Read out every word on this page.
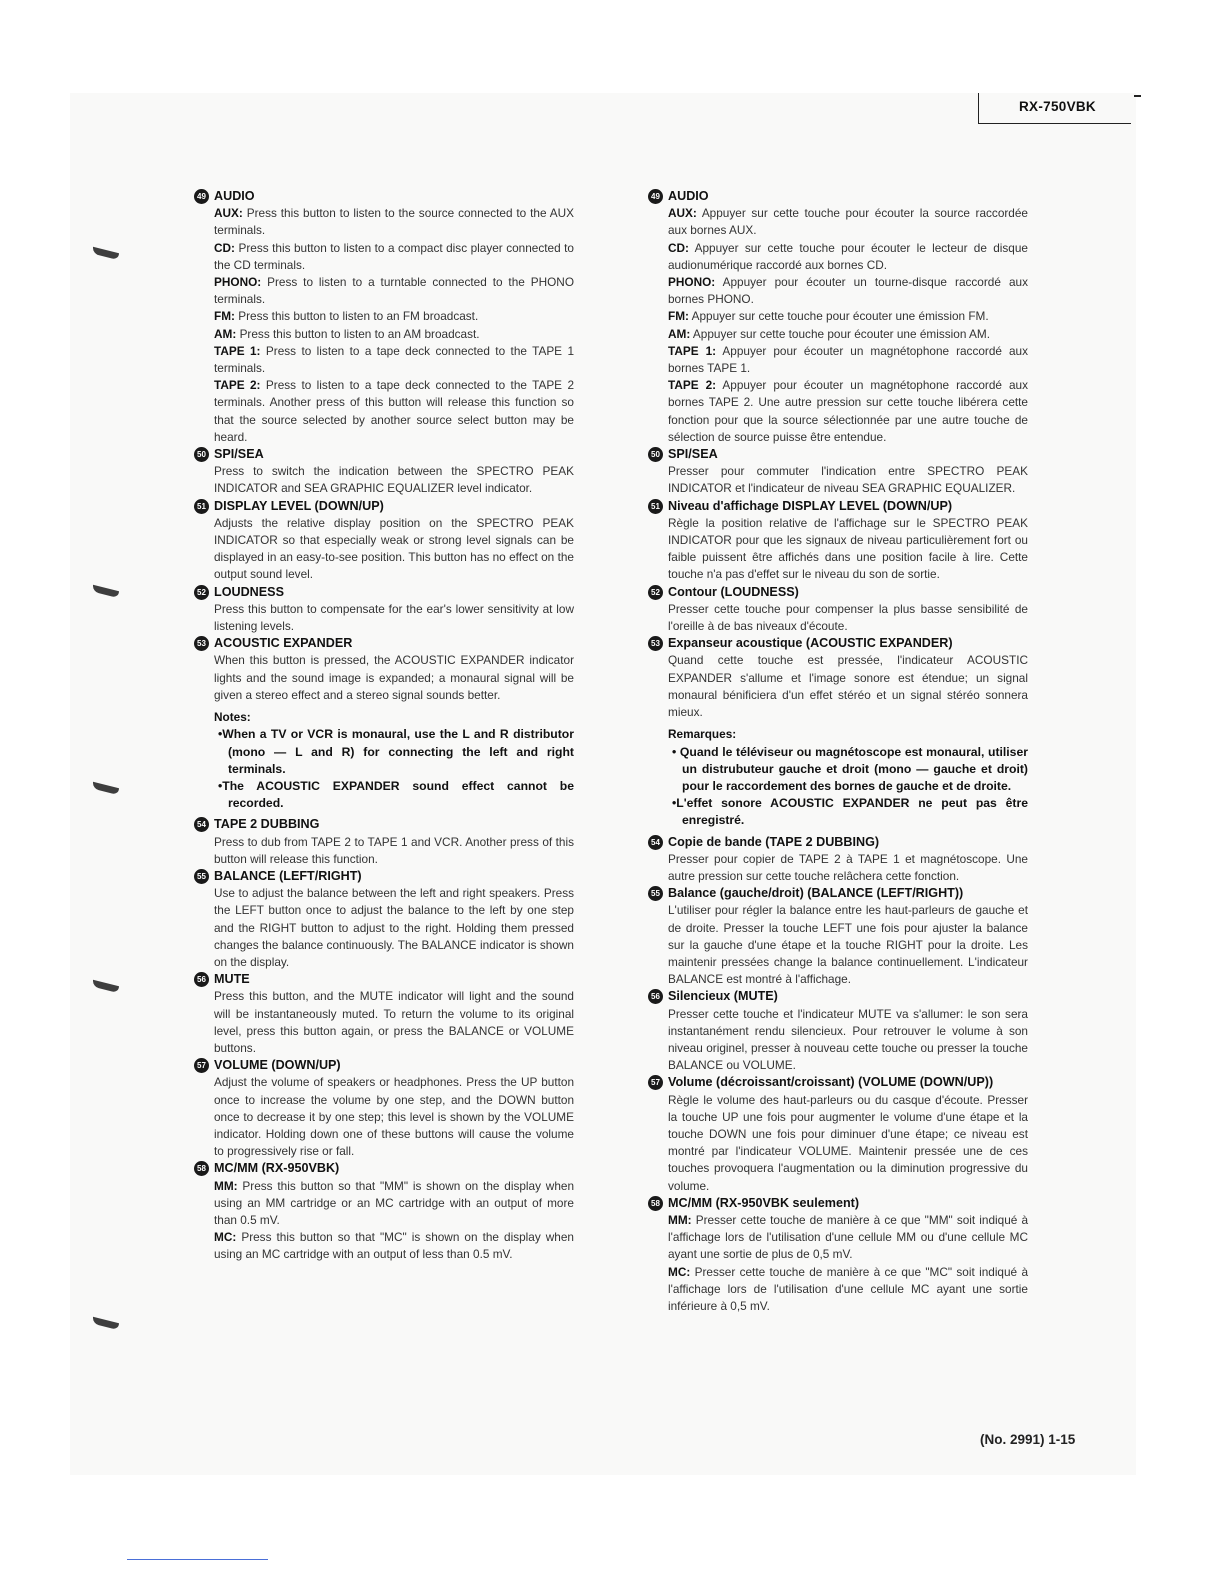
RX-750VBK
49 AUDIO

AUX: Press this button to listen to the source connected to the AUX terminals.

CD: Press this button to listen to a compact disc player connected to the CD terminals.

PHONO: Press to listen to a turntable connected to the PHONO terminals.

FM: Press this button to listen to an FM broadcast.

AM: Press this button to listen to an AM broadcast.

TAPE 1: Press to listen to a tape deck connected to the TAPE 1 terminals.

TAPE 2: Press to listen to a tape deck connected to the TAPE 2 terminals. Another press of this button will release this function so that the source selected by another source select button may be heard.

50 SPI/SEA

Press to switch the indication between the SPECTRO PEAK INDICATOR and SEA GRAPHIC EQUALIZER level indicator.

51 DISPLAY LEVEL (DOWN/UP)

Adjusts the relative display position on the SPECTRO PEAK INDICATOR so that especially weak or strong level signals can be displayed in an easy-to-see position. This button has no effect on the output sound level.

52 LOUDNESS

Press this button to compensate for the ear's lower sensitivity at low listening levels.

53 ACOUSTIC EXPANDER

When this button is pressed, the ACOUSTIC EXPANDER indicator lights and the sound image is expanded; a monaural signal will be given a stereo effect and a stereo signal sounds better.

Notes:
•When a TV or VCR is monaural, use the L and R distributor (mono — L and R) for connecting the left and right terminals.
•The ACOUSTIC EXPANDER sound effect cannot be recorded.
54 TAPE 2 DUBBING

Press to dub from TAPE 2 to TAPE 1 and VCR. Another press of this button will release this function.

55 BALANCE (LEFT/RIGHT)

Use to adjust the balance between the left and right speakers. Press the LEFT button once to adjust the balance to the left by one step and the RIGHT button to adjust to the right. Holding them pressed changes the balance continuously. The BALANCE indicator is shown on the display.

56 MUTE

Press this button, and the MUTE indicator will light and the sound will be instantaneously muted. To return the volume to its original level, press this button again, or press the BALANCE or VOLUME buttons.

57 VOLUME (DOWN/UP)

Adjust the volume of speakers or headphones. Press the UP button once to increase the volume by one step, and the DOWN button once to decrease it by one step; this level is shown by the VOLUME indicator. Holding down one of these buttons will cause the volume to progressively rise or fall.

58 MC/MM (RX-950VBK)

MM: Press this button so that "MM" is shown on the display when using an MM cartridge or an MC cartridge with an output of more than 0.5 mV.

MC: Press this button so that "MC" is shown on the display when using an MC cartridge with an output of less than 0.5 mV.

49 AUDIO

AUX: Appuyer sur cette touche pour écouter la source raccordée aux bornes AUX.

CD: Appuyer sur cette touche pour écouter le lecteur de disque audionumérique raccordé aux bornes CD.

PHONO: Appuyer pour écouter un tourne-disque raccordé aux bornes PHONO.

FM: Appuyer sur cette touche pour écouter une émission FM.

AM: Appuyer sur cette touche pour écouter une émission AM.

TAPE 1: Appuyer pour écouter un magnétophone raccordé aux bornes TAPE 1.

TAPE 2: Appuyer pour écouter un magnétophone raccordé aux bornes TAPE 2. Une autre pression sur cette touche libérera cette fonction pour que la source sélectionnée par une autre touche de sélection de source puisse être entendue.

50 SPI/SEA

Presser pour commuter l'indication entre SPECTRO PEAK INDICATOR et l'indicateur de niveau SEA GRAPHIC EQUALIZER.

51 Niveau d'affichage DISPLAY LEVEL (DOWN/UP)

Règle la position relative de l'affichage sur le SPECTRO PEAK INDICATOR pour que les signaux de niveau particulièrement fort ou faible puissent être affichés dans une position facile à lire. Cette touche n'a pas d'effet sur le niveau du son de sortie.

52 Contour (LOUDNESS)

Presser cette touche pour compenser la plus basse sensibilité de l'oreille à de bas niveaux d'écoute.

53 Expanseur acoustique (ACOUSTIC EXPANDER)

Quand cette touche est pressée, l'indicateur ACOUSTIC EXPANDER s'allume et l'image sonore est étendue; un signal monaural bénificiera d'un effet stéréo et un signal stéréo sonnera mieux.

Remarques:
• Quand le téléviseur ou magnétoscope est monaural, utiliser un distrubuteur gauche et droit (mono — gauche et droit) pour le raccordement des bornes de gauche et de droite.
•L'effet sonore ACOUSTIC EXPANDER ne peut pas être enregistré.
54 Copie de bande (TAPE 2 DUBBING)

Presser pour copier de TAPE 2 à TAPE 1 et magnétoscope. Une autre pression sur cette touche relâchera cette fonction.

55 Balance (gauche/droit) (BALANCE (LEFT/RIGHT))

L'utiliser pour régler la balance entre les haut-parleurs de gauche et de droite. Presser la touche LEFT une fois pour ajuster la balance sur la gauche d'une étape et la touche RIGHT pour la droite. Les maintenir pressées change la balance continuellement. L'indicateur BALANCE est montré à l'affichage.

56 Silencieux (MUTE)

Presser cette touche et l'indicateur MUTE va s'allumer: le son sera instantanément rendu silencieux. Pour retrouver le volume à son niveau originel, presser à nouveau cette touche ou presser la touche BALANCE ou VOLUME.

57 Volume (décroissant/croissant) (VOLUME (DOWN/UP))

Règle le volume des haut-parleurs ou du casque d'écoute. Presser la touche UP une fois pour augmenter le volume d'une étape et la touche DOWN une fois pour diminuer d'une étape; ce niveau est montré par l'indicateur VOLUME. Maintenir pressée une de ces touches provoquera l'augmentation ou la diminution progressive du volume.

58 MC/MM (RX-950VBK seulement)

MM: Presser cette touche de manière à ce que "MM" soit indiqué à l'affichage lors de l'utilisation d'une cellule MM ou d'une cellule MC ayant une sortie de plus de 0,5 mV.

MC: Presser cette touche de manière à ce que "MC" soit indiqué à l'affichage lors de l'utilisation d'une cellule MC ayant une sortie inférieure à 0,5 mV.

(No. 2991) 1-15
